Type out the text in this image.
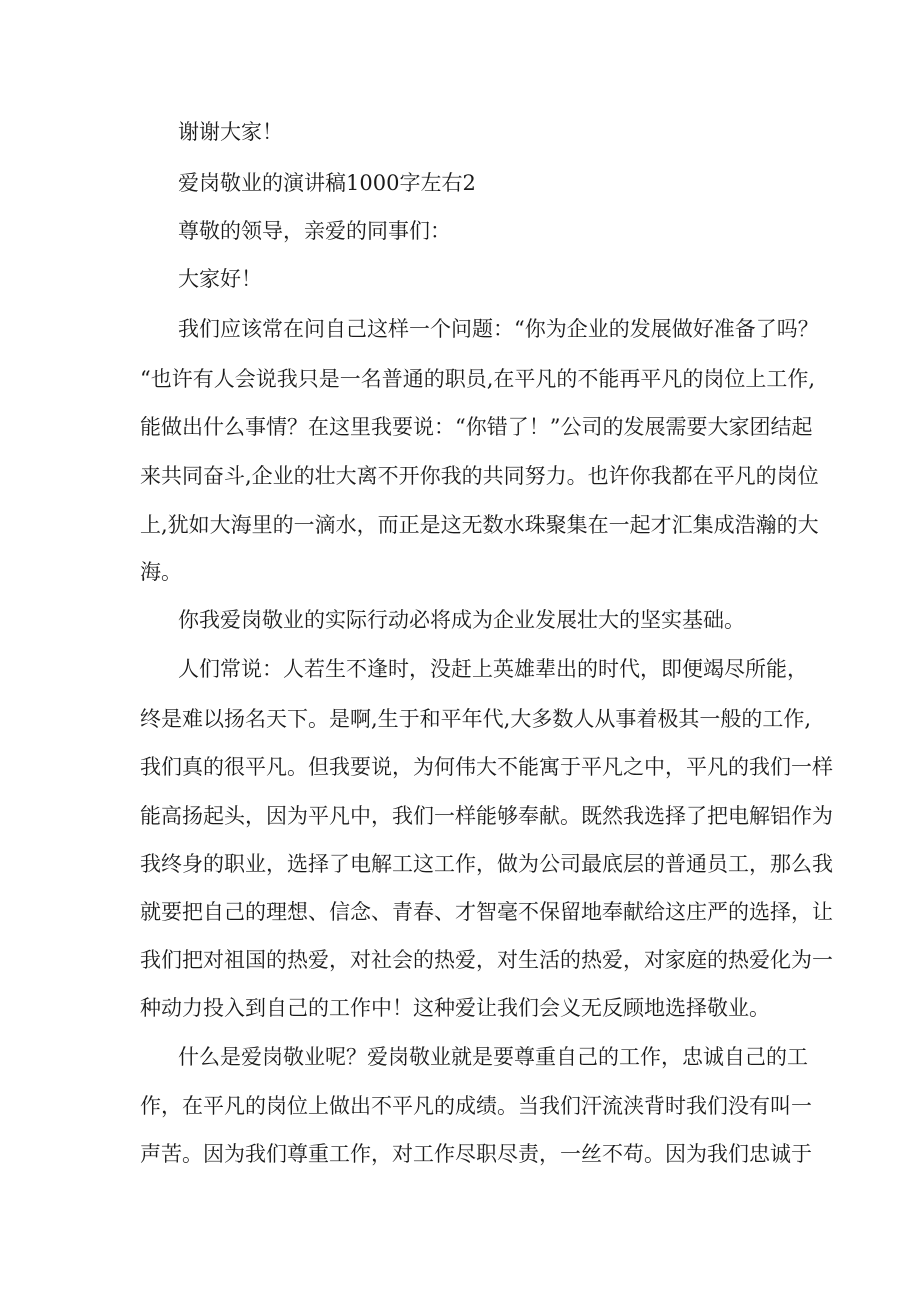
谢谢大家！

爱岗敬业的演讲稿1000字左右2

尊敬的领导，亲爱的同事们：

大家好！

我们应该常在问自己这样一个问题：“你为企业的发展做好准备了吗？

“也许有人会说我只是一名普通的职员,在平凡的不能再平凡的岗位上工作,

能做出什么事情？在这里我要说：“你错了！”公司的发展需要大家团结起

来共同奋斗,企业的壮大离不开你我的共同努力。也许你我都在平凡的岗位

上,犹如大海里的一滴水，而正是这无数水珠聚集在一起才汇集成浩瀚的大

海。

你我爱岗敬业的实际行动必将成为企业发展壮大的坚实基础。

人们常说：人若生不逢时，没赶上英雄辈出的时代，即便竭尽所能，

终是难以扬名天下。是啊,生于和平年代,大多数人从事着极其一般的工作,

我们真的很平凡。但我要说，为何伟大不能寓于平凡之中，平凡的我们一样

能高扬起头，因为平凡中，我们一样能够奉献。既然我选择了把电解铝作为

我终身的职业，选择了电解工这工作，做为公司最底层的普通员工，那么我

就要把自己的理想、信念、青春、才智毫不保留地奉献给这庄严的选择，让

我们把对祖国的热爱，对社会的热爱，对生活的热爱，对家庭的热爱化为一

种动力投入到自己的工作中！这种爱让我们会义无反顾地选择敬业。

什么是爱岗敬业呢？爱岗敬业就是要尊重自己的工作，忠诚自己的工

作，在平凡的岗位上做出不平凡的成绩。当我们汗流浃背时我们没有叫一

声苦。因为我们尊重工作，对工作尽职尽责，一丝不苟。因为我们忠诚于
